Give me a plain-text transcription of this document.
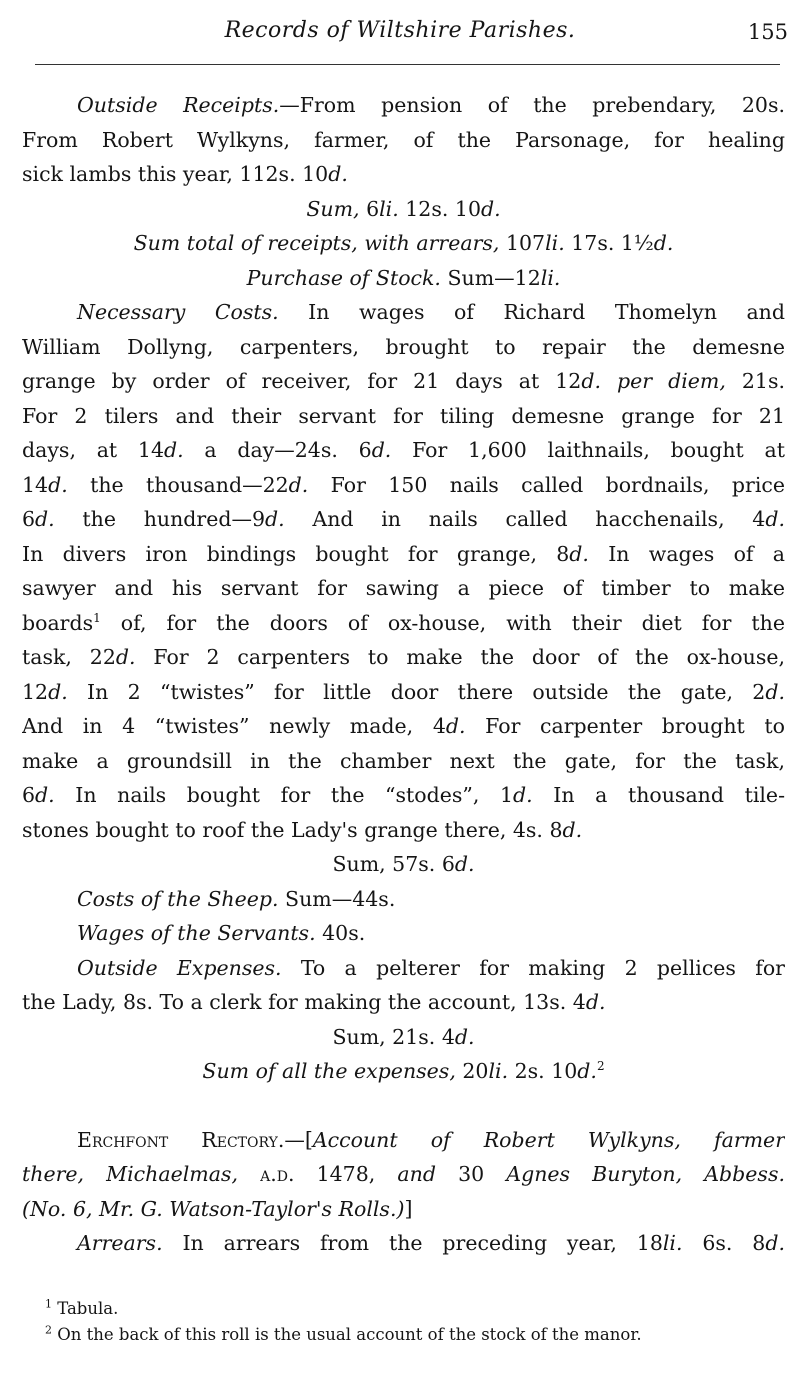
Records of Wiltshire Parishes.	155
Outside Receipts.—From pension of the prebendary, 20s.
From Robert Wylkyns, farmer, of the Parsonage, for healing
sick lambs this year, 112s. 10d.
Sum, 6li. 12s. 10d.
Sum total of receipts, with arrears, 107li. 17s. 1½d.
Purchase of Stock. Sum—12li.
Necessary Costs. In wages of Richard Thomelyn and
William Dollyng, carpenters, brought to repair the demesne
grange by order of receiver, for 21 days at 12d. per diem, 21s.
For 2 tilers and their servant for tiling demesne grange for 21
days, at 14d. a day—24s. 6d. For 1,600 laithnails, bought at
14d. the thousand—22d. For 150 nails called bordnails, price
6d. the hundred—9d. And in nails called hacchenails, 4d.
In divers iron bindings bought for grange, 8d. In wages of a
sawyer and his servant for sawing a piece of timber to make
boards$^1$ of, for the doors of ox-house, with their diet for the
task, 22d. For 2 carpenters to make the door of the ox-house,
12d. In 2 “twistes” for little door there outside the gate, 2d.
And in 4 “twistes” newly made, 4d. For carpenter brought to
make a groundsill in the chamber next the gate, for the task,
6d. In nails bought for the “stodes”, 1d. In a thousand tile-
stones bought to roof the Lady's grange there, 4s. 8d.
Sum, 57s. 6d.
Costs of the Sheep. Sum—44s.
Wages of the Servants. 40s.
Outside Expenses. To a pelterer for making 2 pellices for
the Lady, 8s. To a clerk for making the account, 13s. 4d.
Sum, 21s. 4d.
Sum of all the expenses, 20li. 2s. 10d.$^2$
Erchfont Rectory.—[Account of Robert Wylkyns, farmer
there, Michaelmas, a.d. 1478, and 30 Agnes Buryton, Abbess.
(No. 6, Mr. G. Watson-Taylor's Rolls.)]
Arrears. In arrears from the preceding year, 18li. 6s. 8d.
$^1$ Tabula.
$^2$ On the back of this roll is the usual account of the stock of the manor.
